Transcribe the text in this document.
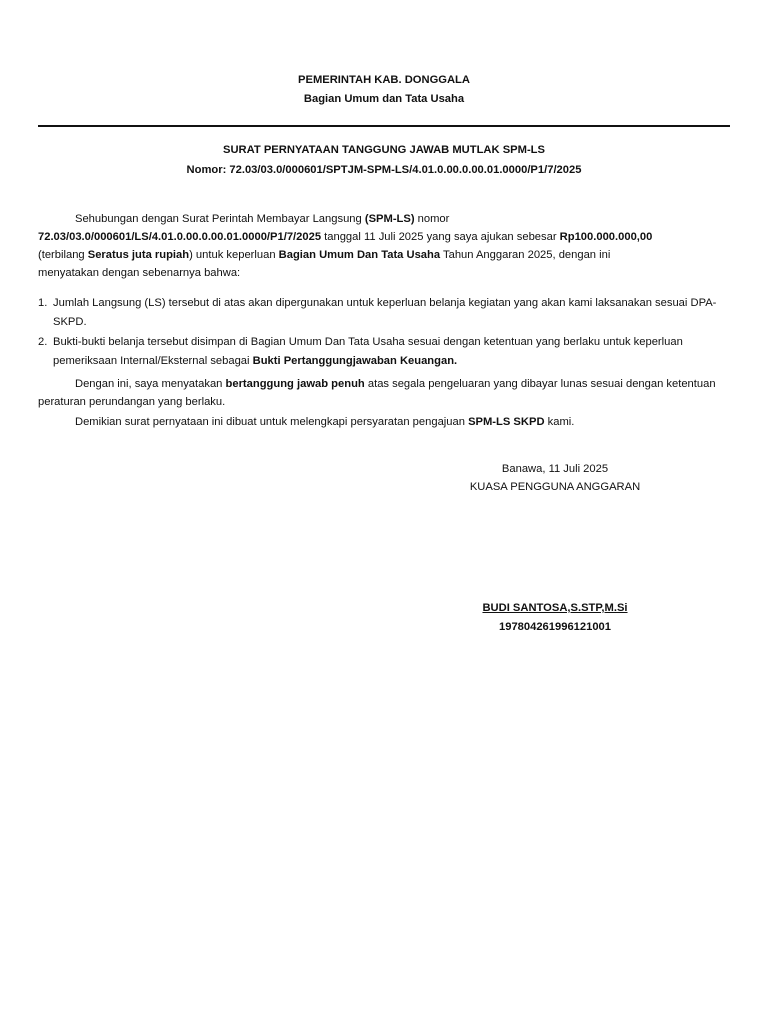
PEMERINTAH KAB. DONGGALA
Bagian Umum dan Tata Usaha
SURAT PERNYATAAN TANGGUNG JAWAB MUTLAK SPM-LS
Nomor: 72.03/03.0/000601/SPTJM-SPM-LS/4.01.0.00.0.00.01.0000/P1/7/2025
Sehubungan dengan Surat Perintah Membayar Langsung (SPM-LS) nomor
72.03/03.0/000601/LS/4.01.0.00.0.00.01.0000/P1/7/2025 tanggal 11 Juli 2025 yang saya ajukan sebesar Rp100.000.000,00
(terbilang Seratus juta rupiah) untuk keperluan Bagian Umum Dan Tata Usaha Tahun Anggaran 2025, dengan ini
menyatakan dengan sebenarnya bahwa:
1. Jumlah Langsung (LS) tersebut di atas akan dipergunakan untuk keperluan belanja kegiatan yang akan kami laksanakan sesuai DPA-SKPD.
2. Bukti-bukti belanja tersebut disimpan di Bagian Umum Dan Tata Usaha sesuai dengan ketentuan yang berlaku untuk keperluan pemeriksaan Internal/Eksternal sebagai Bukti Pertanggungjawaban Keuangan.
Dengan ini, saya menyatakan bertanggung jawab penuh atas segala pengeluaran yang dibayar lunas sesuai dengan ketentuan peraturan perundangan yang berlaku.
Demikian surat pernyataan ini dibuat untuk melengkapi persyaratan pengajuan SPM-LS SKPD kami.
Banawa, 11 Juli 2025
KUASA PENGGUNA ANGGARAN
BUDI SANTOSA,S.STP,M.Si
197804261996121001
